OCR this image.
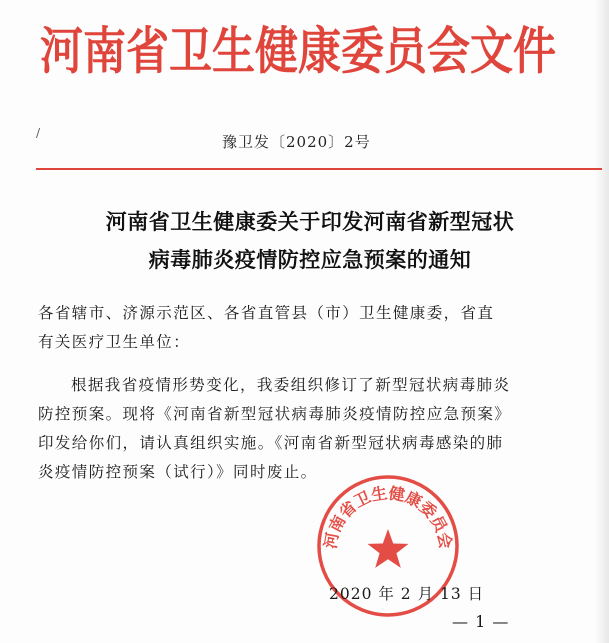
河南省卫生健康委员会文件
/	豫卫发〔2020〕2号
河南省卫生健康委关于印发河南省新型冠状
病毒肺炎疫情防控应急预案的通知
各省辖市、济源示范区、各省直管县（市）卫生健康委，省直
有关医疗卫生单位：
根据我省疫情形势变化，我委组织修订了新型冠状病毒肺炎
防控预案。现将《河南省新型冠状病毒肺炎疫情防控应急预案》
印发给你们，请认真组织实施。《河南省新型冠状病毒感染的肺
炎疫情防控预案（试行）》同时废止。
河南省卫生健康委员会
2020 年 2 月 13 日
— 1 —
